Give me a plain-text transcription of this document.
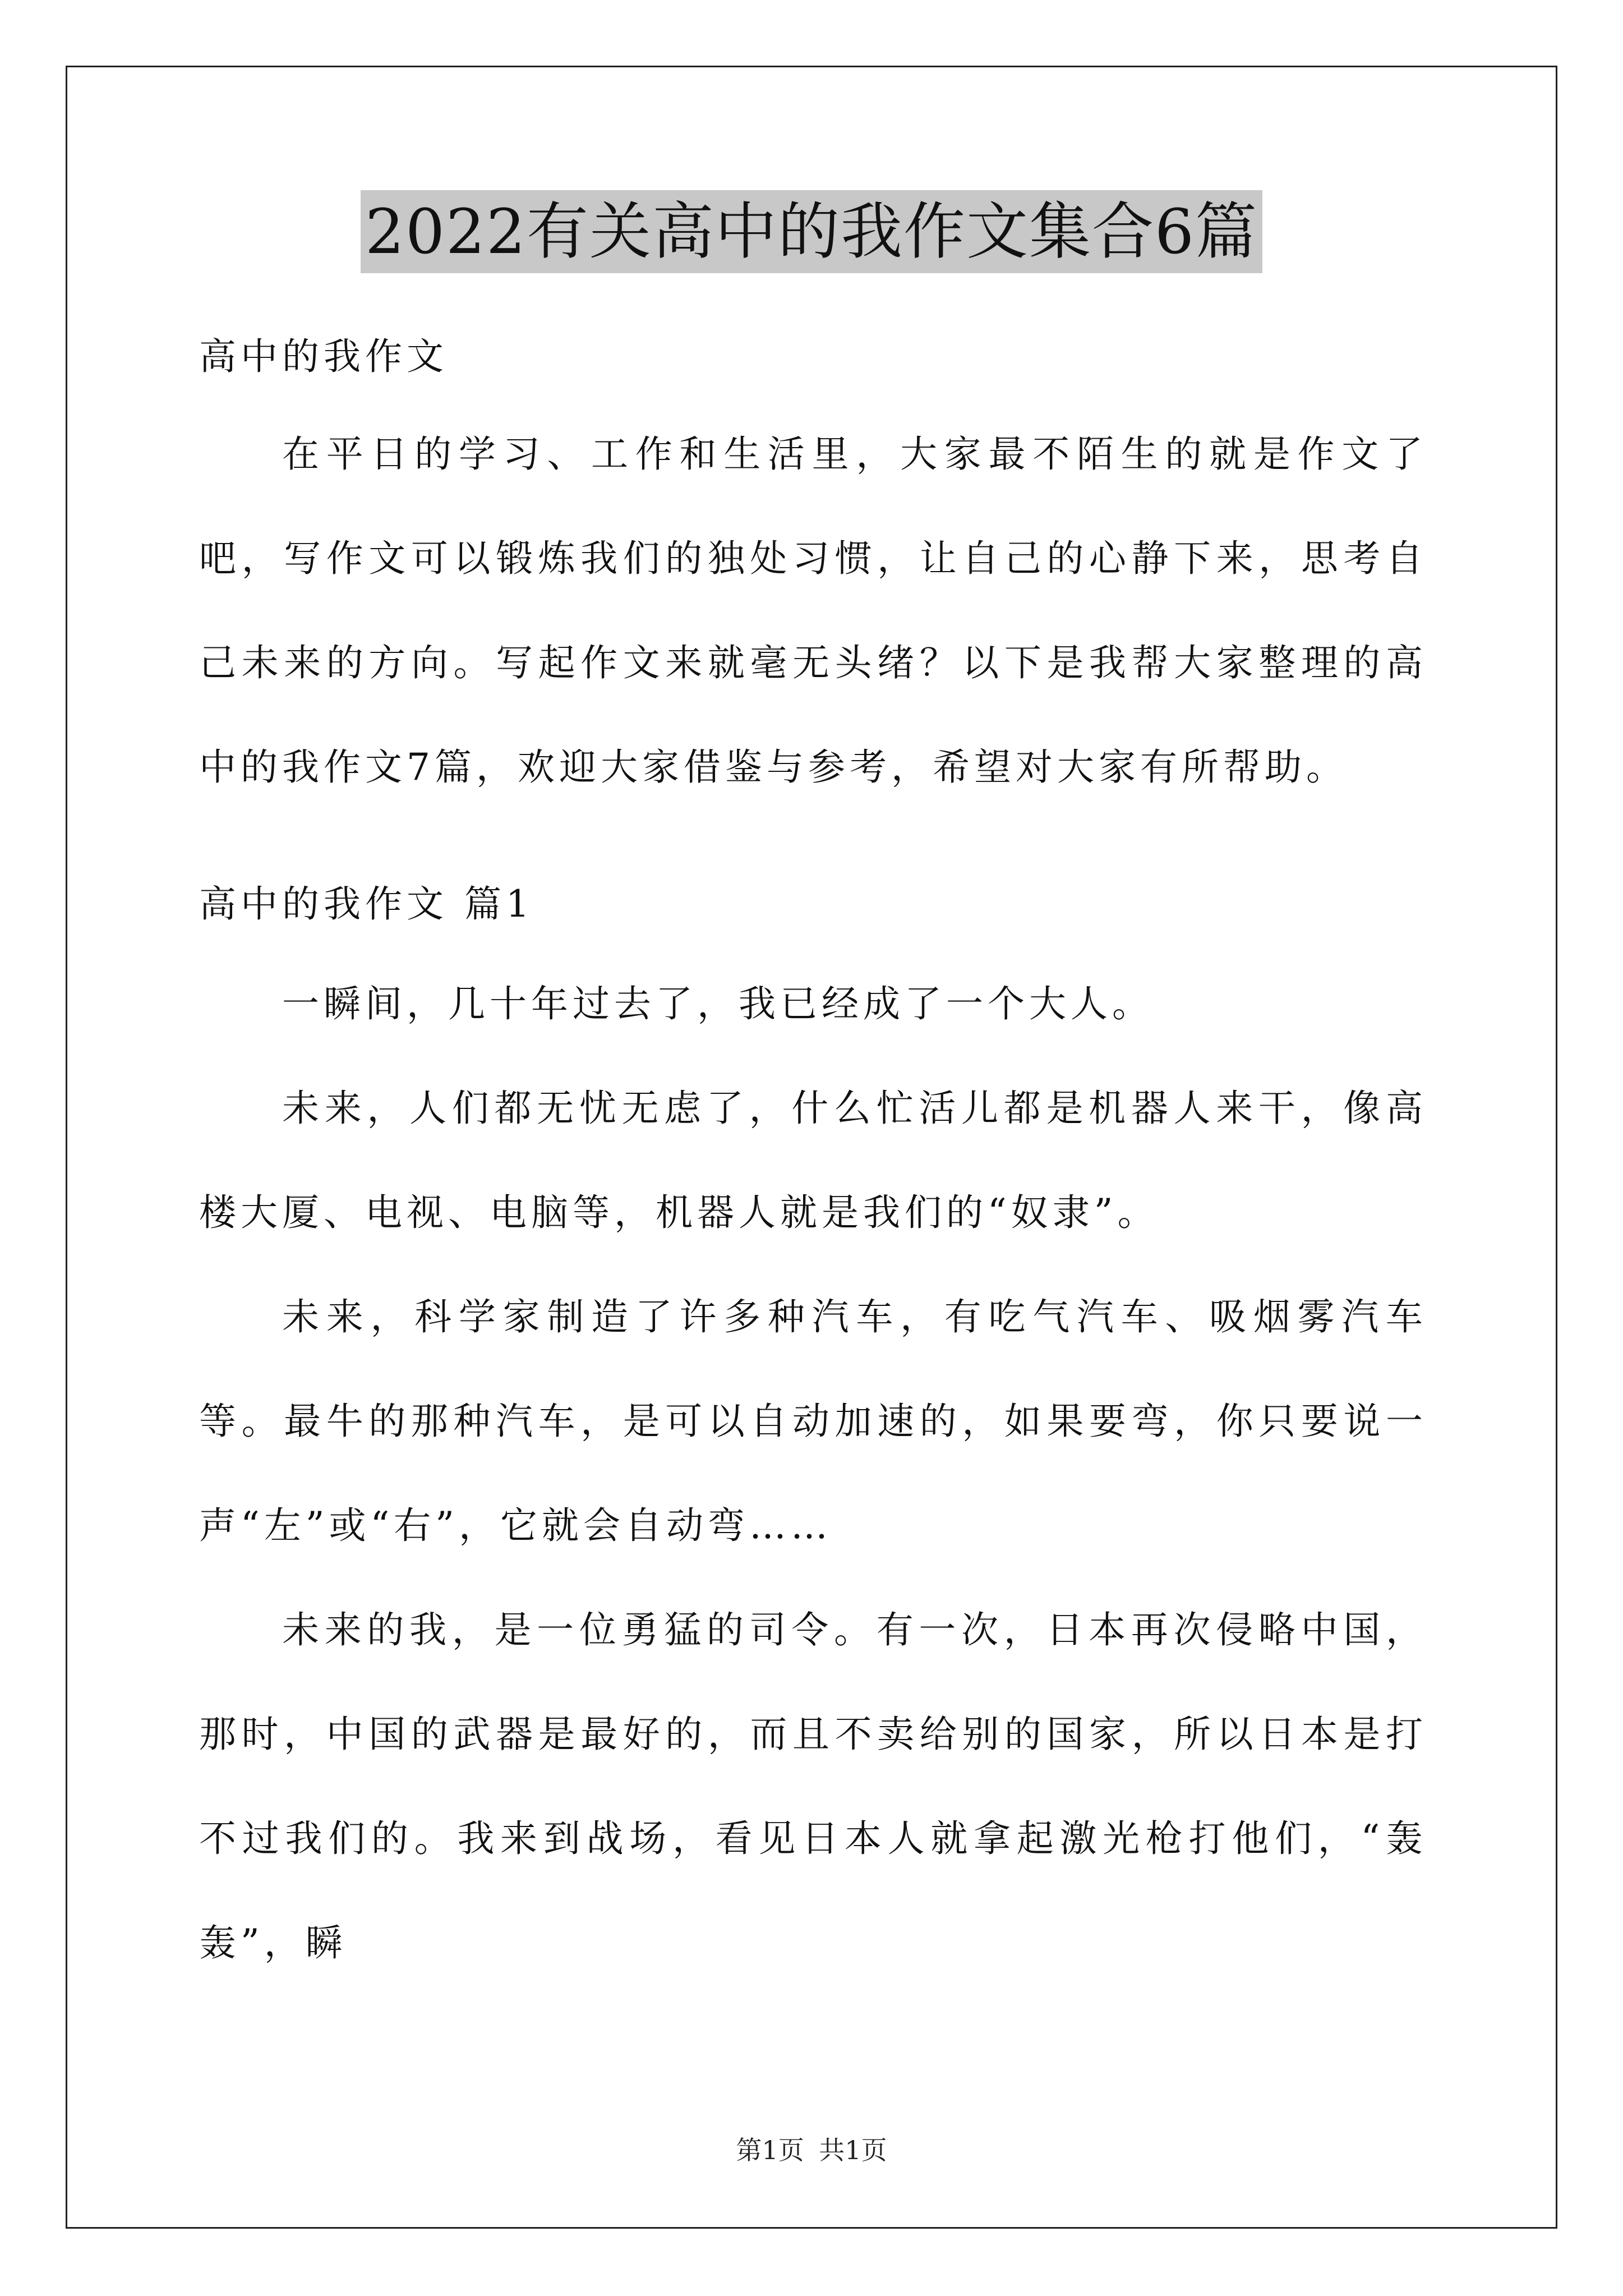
2022有关高中的我作文集合6篇
高中的我作文

在平日的学习、工作和生活里，大家最不陌生的就是作文了吧，写作文可以锻炼我们的独处习惯，让自己的心静下来，思考自己未来的方向。写起作文来就毫无头绪？以下是我帮大家整理的高中的我作文7篇，欢迎大家借鉴与参考，希望对大家有所帮助。

高中的我作文 篇1

一瞬间，几十年过去了，我已经成了一个大人。

未来，人们都无忧无虑了，什么忙活儿都是机器人来干，像高楼大厦、电视、电脑等，机器人就是我们的“奴隶”。

未来，科学家制造了许多种汽车，有吃气汽车、吸烟雾汽车等。最牛的那种汽车，是可以自动加速的，如果要弯，你只要说一声“左”或“右”，它就会自动弯……

未来的我，是一位勇猛的司令。有一次，日本再次侵略中国，那时，中国的武器是最好的，而且不卖给别的国家，所以日本是打不过我们的。我来到战场，看见日本人就拿起激光枪打他们，“轰轰”，瞬

第1页 共1页
